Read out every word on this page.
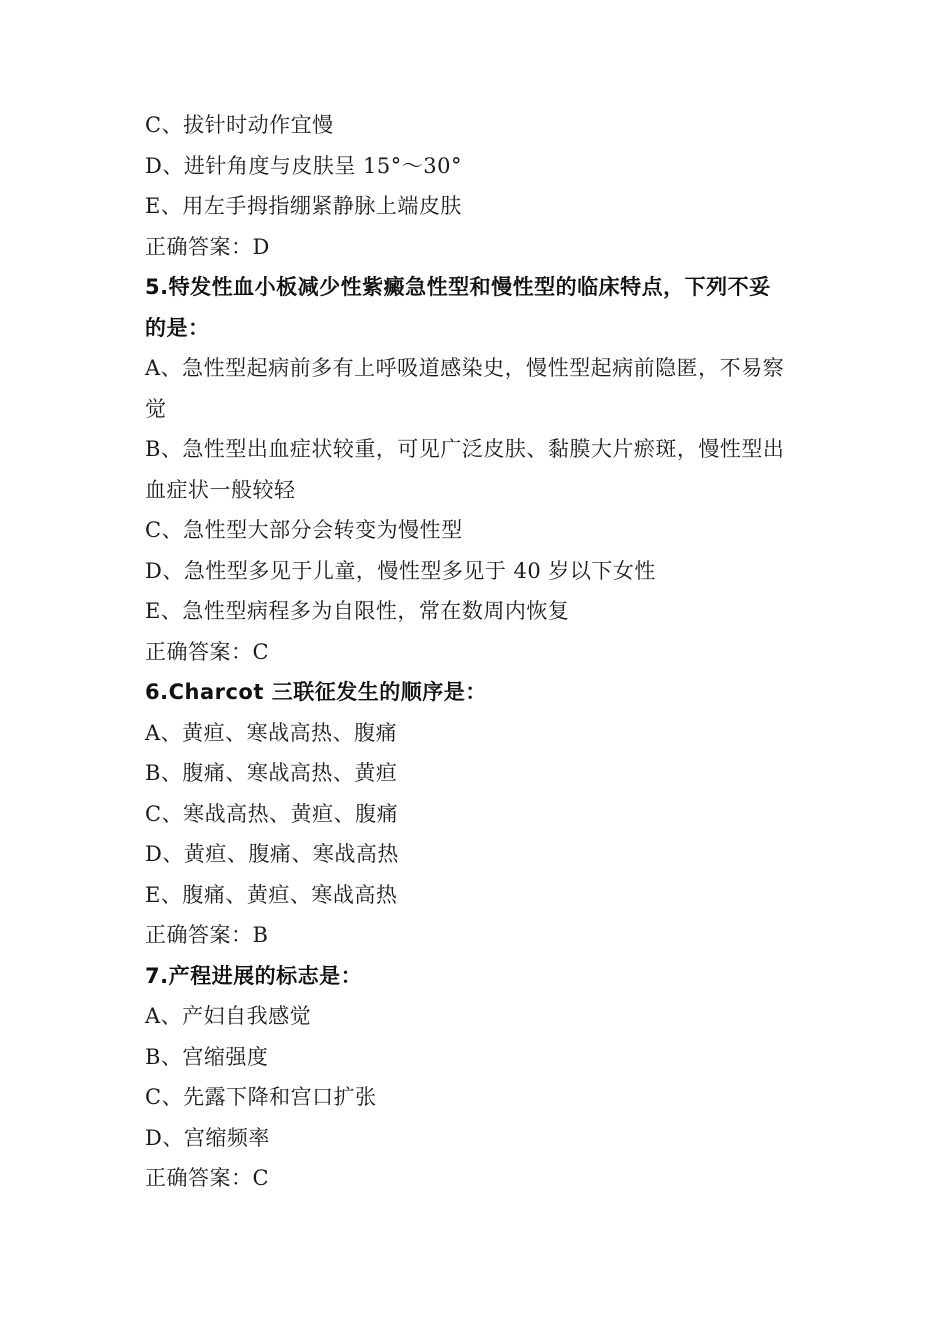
C、拔针时动作宜慢
D、进针角度与皮肤呈 15°～30°
E、用左手拇指绷紧静脉上端皮肤
正确答案：D
5.特发性血小板减少性紫癜急性型和慢性型的临床特点，下列不妥
的是：
A、急性型起病前多有上呼吸道感染史，慢性型起病前隐匿，不易察
觉
B、急性型出血症状较重，可见广泛皮肤、黏膜大片瘀斑，慢性型出
血症状一般较轻
C、急性型大部分会转变为慢性型
D、急性型多见于儿童，慢性型多见于 40 岁以下女性
E、急性型病程多为自限性，常在数周内恢复
正确答案：C
6.Charcot 三联征发生的顺序是：
A、黄疸、寒战高热、腹痛
B、腹痛、寒战高热、黄疸
C、寒战高热、黄疸、腹痛
D、黄疸、腹痛、寒战高热
E、腹痛、黄疸、寒战高热
正确答案：B
7.产程进展的标志是：
A、产妇自我感觉
B、宫缩强度
C、先露下降和宫口扩张
D、宫缩频率
正确答案：C
